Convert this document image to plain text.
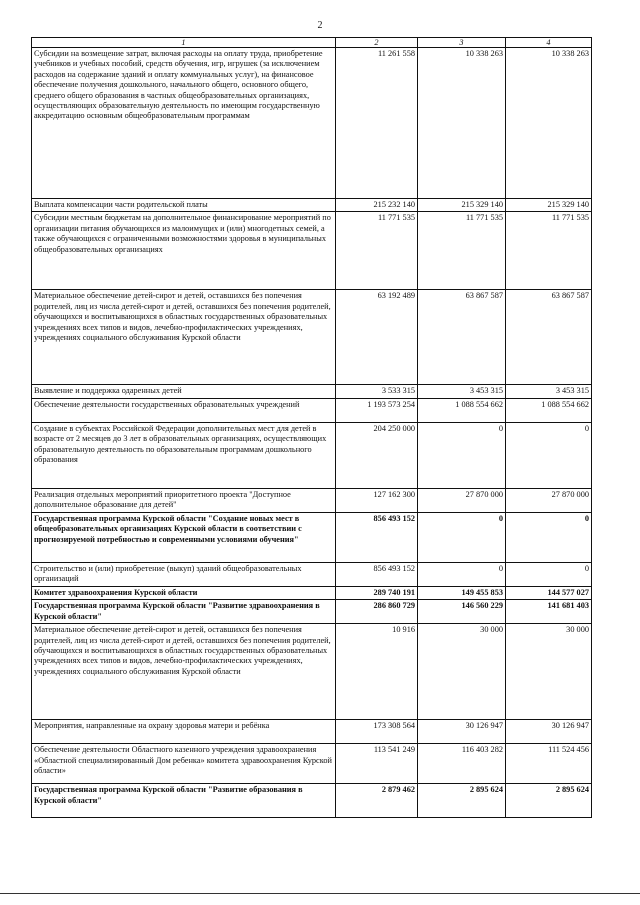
2
1	2	3	4
Субсидии на возмещение затрат, включая расходы на оплату труда, приобретение учебников и учебных пособий, средств обучения, игр, игрушек (за исключением расходов на содержание зданий и оплату коммунальных услуг), на финансовое обеспечение получения дошкольного, начального общего, основного общего, среднего общего образования в частных общеобразовательных организациях, осуществляющих образовательную деятельность по имеющим государственную аккредитацию основным общеобразовательным программам	11 261 558	10 338 263	10 338 263
Выплата компенсации части родительской платы	215 232 140	215 329 140	215 329 140
Субсидии местным бюджетам на дополнительное финансирование мероприятий по организации питания обучающихся из малоимущих и (или) многодетных семей, а также обучающихся с ограниченными возможностями здоровья в муниципальных общеобразовательных организациях	11 771 535	11 771 535	11 771 535
Материальное обеспечение детей-сирот и детей, оставшихся без попечения родителей, лиц из числа детей-сирот и детей, оставшихся без попечения родителей, обучающихся и воспитывающихся в областных государственных образовательных учреждениях всех типов и видов, лечебно-профилактических учреждениях, учреждениях социального обслуживания Курской области	63 192 489	63 867 587	63 867 587
Выявление и поддержка одаренных детей	3 533 315	3 453 315	3 453 315
Обеспечение деятельности государственных образовательных учреждений	1 193 573 254	1 088 554 662	1 088 554 662
Создание в субъектах Российской Федерации дополнительных мест для детей в возрасте от 2 месяцев до 3 лет в образовательных организациях, осуществляющих образовательную деятельность по образовательным программам дошкольного образования	204 250 000	0	0
Реализация отдельных мероприятий приоритетного проекта "Доступное дополнительное образование для детей"	127 162 300	27 870 000	27 870 000
Государственная программа Курской области "Создание новых мест в общеобразовательных организациях Курской области в соответствии с прогнозируемой потребностью и современными условиями обучения"	856 493 152	0	0
Строительство и (или) приобретение (выкуп) зданий общеобразовательных организаций	856 493 152	0	0
Комитет здравоохранения Курской области	289 740 191	149 455 853	144 577 027
Государственная программа Курской области "Развитие здравоохранения в Курской области"	286 860 729	146 560 229	141 681 403
Материальное обеспечение детей-сирот и детей, оставшихся без попечения родителей, лиц из числа детей-сирот и детей, оставшихся без попечения родителей, обучающихся и воспитывающихся в областных государственных образовательных учреждениях всех типов и видов, лечебно-профилактических учреждениях, учреждениях социального обслуживания Курской области	10 916	30 000	30 000
Мероприятия, направленные на охрану здоровья матери и ребёнка	173 308 564	30 126 947	30 126 947
Обеспечение деятельности Областного казенного учреждения здравоохранения «Областной специализированный Дом ребенка» комитета здравоохранения Курской области»	113 541 249	116 403 282	111 524 456
Государственная программа Курской области "Развитие образования в Курской области"	2 879 462	2 895 624	2 895 624
